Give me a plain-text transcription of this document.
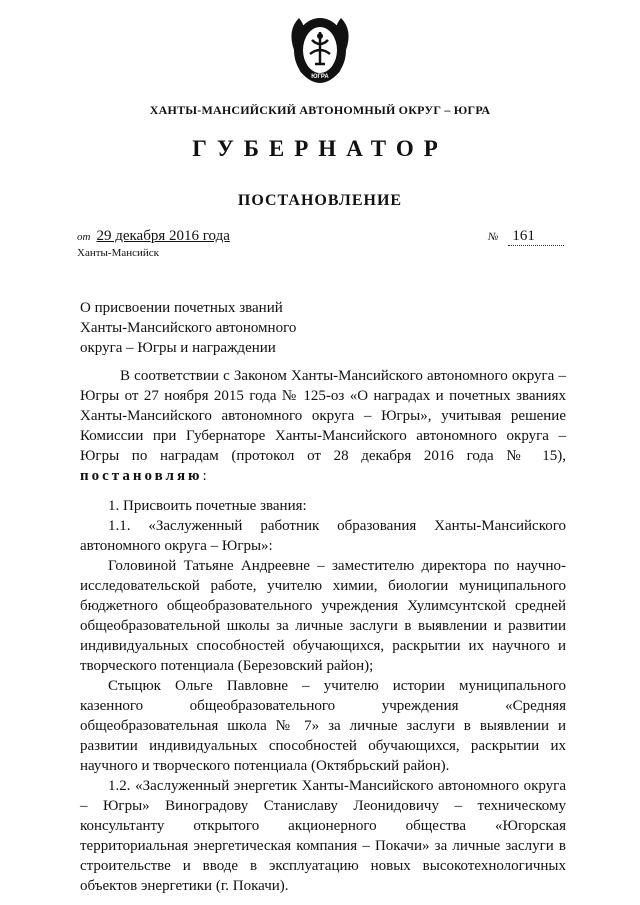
ЮГРА
ХАНТЫ-МАНСИЙСКИЙ АВТОНОМНЫЙ ОКРУГ – ЮГРА
ГУБЕРНАТОР
ПОСТАНОВЛЕНИЕ
от 29 декабря 2016 года	№ 161
Ханты-Мансийск
О присвоении почетных званий
Ханты-Мансийского автономного
округа – Югры и награждении

В соответствии с Законом Ханты-Мансийского автономного округа – Югры от 27 ноября 2015 года № 125-оз «О наградах и почетных званиях Ханты-Мансийского автономного округа – Югры», учитывая решение Комиссии при Губернаторе Ханты-Мансийского автономного округа – Югры по наградам (протокол от 28 декабря 2016 года № 15), постановляю:

1. Присвоить почетные звания:

1.1. «Заслуженный работник образования Ханты-Мансийского автономного округа – Югры»:

Головиной Татьяне Андреевне – заместителю директора по научно-исследовательской работе, учителю химии, биологии муниципального бюджетного общеобразовательного учреждения Хулимсунтской средней общеобразовательной школы за личные заслуги в выявлении и развитии индивидуальных способностей обучающихся, раскрытии их научного и творческого потенциала (Березовский район);

Стыцюк Ольге Павловне – учителю истории муниципального казенного общеобразовательного учреждения «Средняя общеобразовательная школа № 7» за личные заслуги в выявлении и развитии индивидуальных способностей обучающихся, раскрытии их научного и творческого потенциала (Октябрьский район).

1.2. «Заслуженный энергетик Ханты-Мансийского автономного округа – Югры» Виноградову Станиславу Леонидовичу – техническому консультанту открытого акционерного общества «Югорская территориальная энергетическая компания – Покачи» за личные заслуги в строительстве и вводе в эксплуатацию новых высокотехнологичных объектов энергетики (г. Покачи).
